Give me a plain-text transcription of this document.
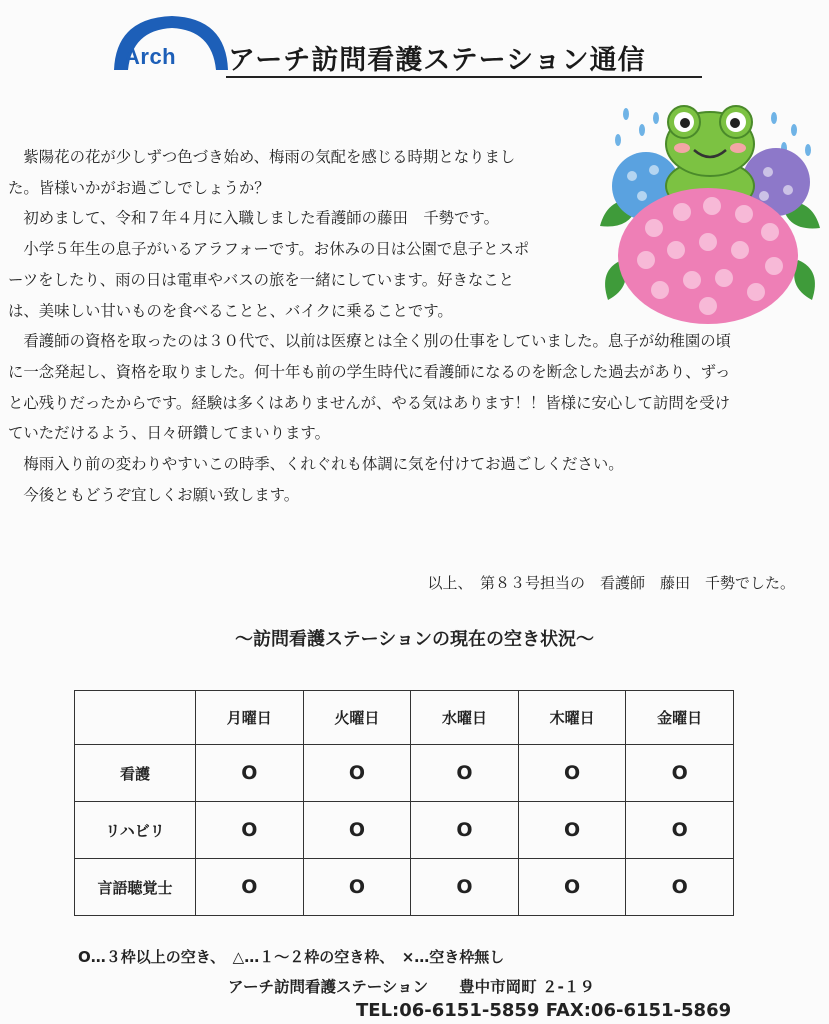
Arch アーチ訪問看護ステーション通信
　紫陽花の花が少しずつ色づき始め、梅雨の気配を感じる時期となりまし
た。皆様いかがお過ごしでしょうか？
　初めまして、令和７年４月に入職しました看護師の藤田　千勢です。
　小学５年生の息子がいるアラフォーです。お休みの日は公園で息子とスポ
ーツをしたり、雨の日は電車やバスの旅を一緒にしています。好きなこと
は、美味しい甘いものを食べることと、バイクに乗ることです。
　看護師の資格を取ったのは３０代で、以前は医療とは全く別の仕事をしていました。息子が幼稚園の頃
に一念発起し、資格を取りました。何十年も前の学生時代に看護師になるのを断念した過去があり、ずっ
と心残りだったからです。経験は多くはありませんが、やる気はあります！！皆様に安心して訪問を受け
ていただけるよう、日々研鑽してまいります。
　梅雨入り前の変わりやすいこの時季、くれぐれも体調に気を付けてお過ごしください。
　今後ともどうぞ宜しくお願い致します。
以上、　第８３号担当の　看護師　藤田　千勢でした。
～訪問看護ステーションの現在の空き状況～
	月曜日	火曜日	水曜日	木曜日	金曜日
看護	O	O	O	O	O
リハビリ	O	O	O	O	O
言語聴覚士	O	O	O	O	O
O…３枠以上の空き、　△…１～２枠の空き枠、　×…空き枠無し
アーチ訪問看護ステーション　　豊中市岡町 ２-１９
TEL:06-6151-5859 FAX:06-6151-5869
